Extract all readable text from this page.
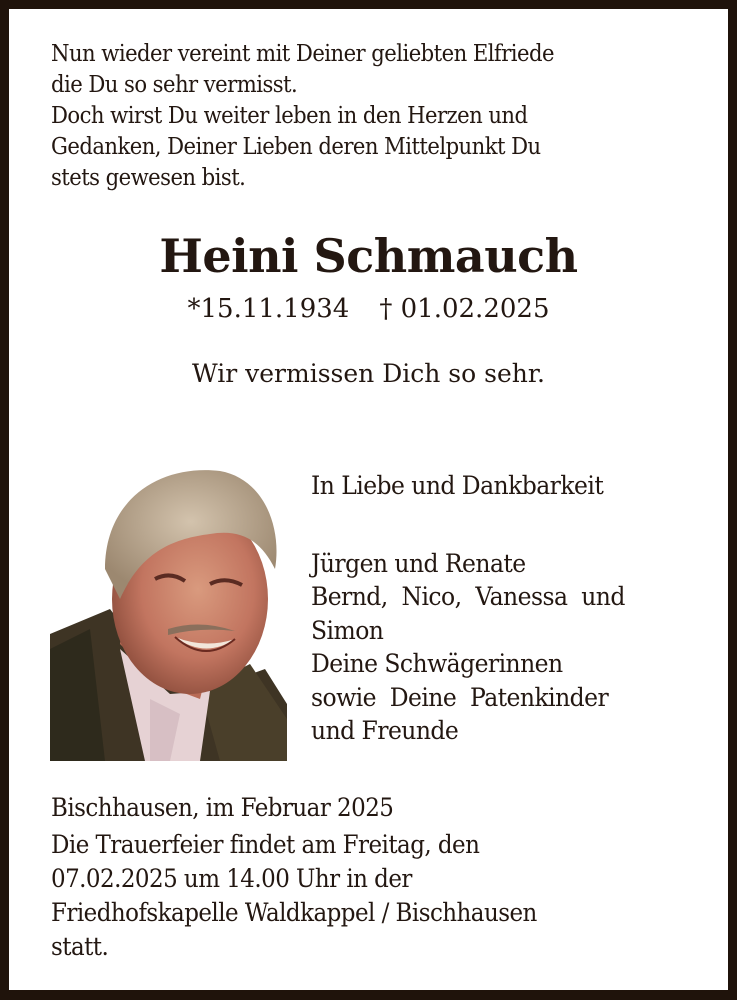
Nun wieder vereint mit Deiner geliebten Elfriede
die Du so sehr vermisst.
Doch wirst Du weiter leben in den Herzen und
Gedanken, Deiner Lieben deren Mittelpunkt Du
stets gewesen bist.
Heini Schmauch
*15.11.1934 † 01.02.2025
Wir vermissen Dich so sehr.
In Liebe und Dankbarkeit
Jürgen und Renate
Bernd,  Nico,  Vanessa  und
Simon
Deine Schwägerinnen
sowie  Deine  Patenkinder
und Freunde
Bischhausen, im Februar 2025
Die Trauerfeier findet am Freitag, den
07.02.2025 um 14.00 Uhr in der
Friedhofskapelle Waldkappel / Bischhausen
statt.
